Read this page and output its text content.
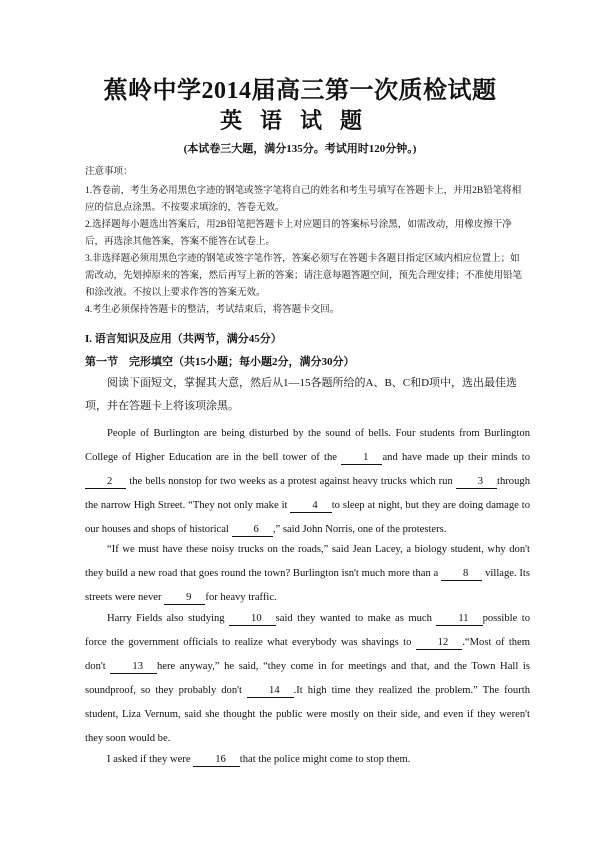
蕉岭中学2014届高三第一次质检试题
英语试题
(本试卷三大题，满分135分。考试用时120分钟。)
注意事项：
1.答卷前，考生务必用黑色字迹的钢笔或签字笔将自己的姓名和考生号填写在答题卡上，并用2B铅笔将相应的信息点涂黑。不按要求填涂的，答卷无效。
2.选择题每小题选出答案后，用2B铅笔把答题卡上对应题目的答案标号涂黑，如需改动，用橡皮擦干净后，再选涂其他答案，答案不能答在试卷上。
3.非选择题必须用黑色字迹的钢笔或签字笔作答，答案必须写在答题卡各题目指定区域内相应位置上；如需改动，先划掉原来的答案，然后再写上新的答案；请注意每题答题空间，预先合理安排；不准使用铅笔和涂改液。不按以上要求作答的答案无效。
4.考生必须保持答题卡的整洁，考试结束后，将答题卡交回。
I. 语言知识及应用（共两节，满分45分）
第一节　完形填空（共15小题；每小题2分，满分30分）
阅读下面短文，掌握其大意，然后从1—15各题所给的A、B、C和D项中，选出最佳选项，并在答题卡上将该项涂黑。
People of Burlington are being disturbed by the sound of bells. Four students from Burlington College of Higher Education are in the bell tower of the 1 and have made up their minds to 2 the bells nonstop for two weeks as a protest against heavy trucks which run 3 through the narrow High Street. “They not only make it 4 to sleep at night, but they are doing damage to our houses and shops of historical 6 ,” said John Norris, one of the protesters.
“If we must have these noisy trucks on the roads,” said Jean Lacey, a biology student, why don't they build a new road that goes round the town? Burlington isn't much more than a 8 village. Its streets were never 9 for heavy traffic.
Harry Fields also studying 10 said they wanted to make as much 11 possible to force the government officials to realize what everybody was shavings to 12 .“Most of them don't 13 here anyway,” he said, “they come in for meetings and that, and the Town Hall is soundproof, so they probably don't 14 .It high time they realized the problem.” The fourth student, Liza Vernum, said she thought the public were mostly on their side, and even if they weren't they soon would be.
I asked if they were 16 that the police might come to stop them.
